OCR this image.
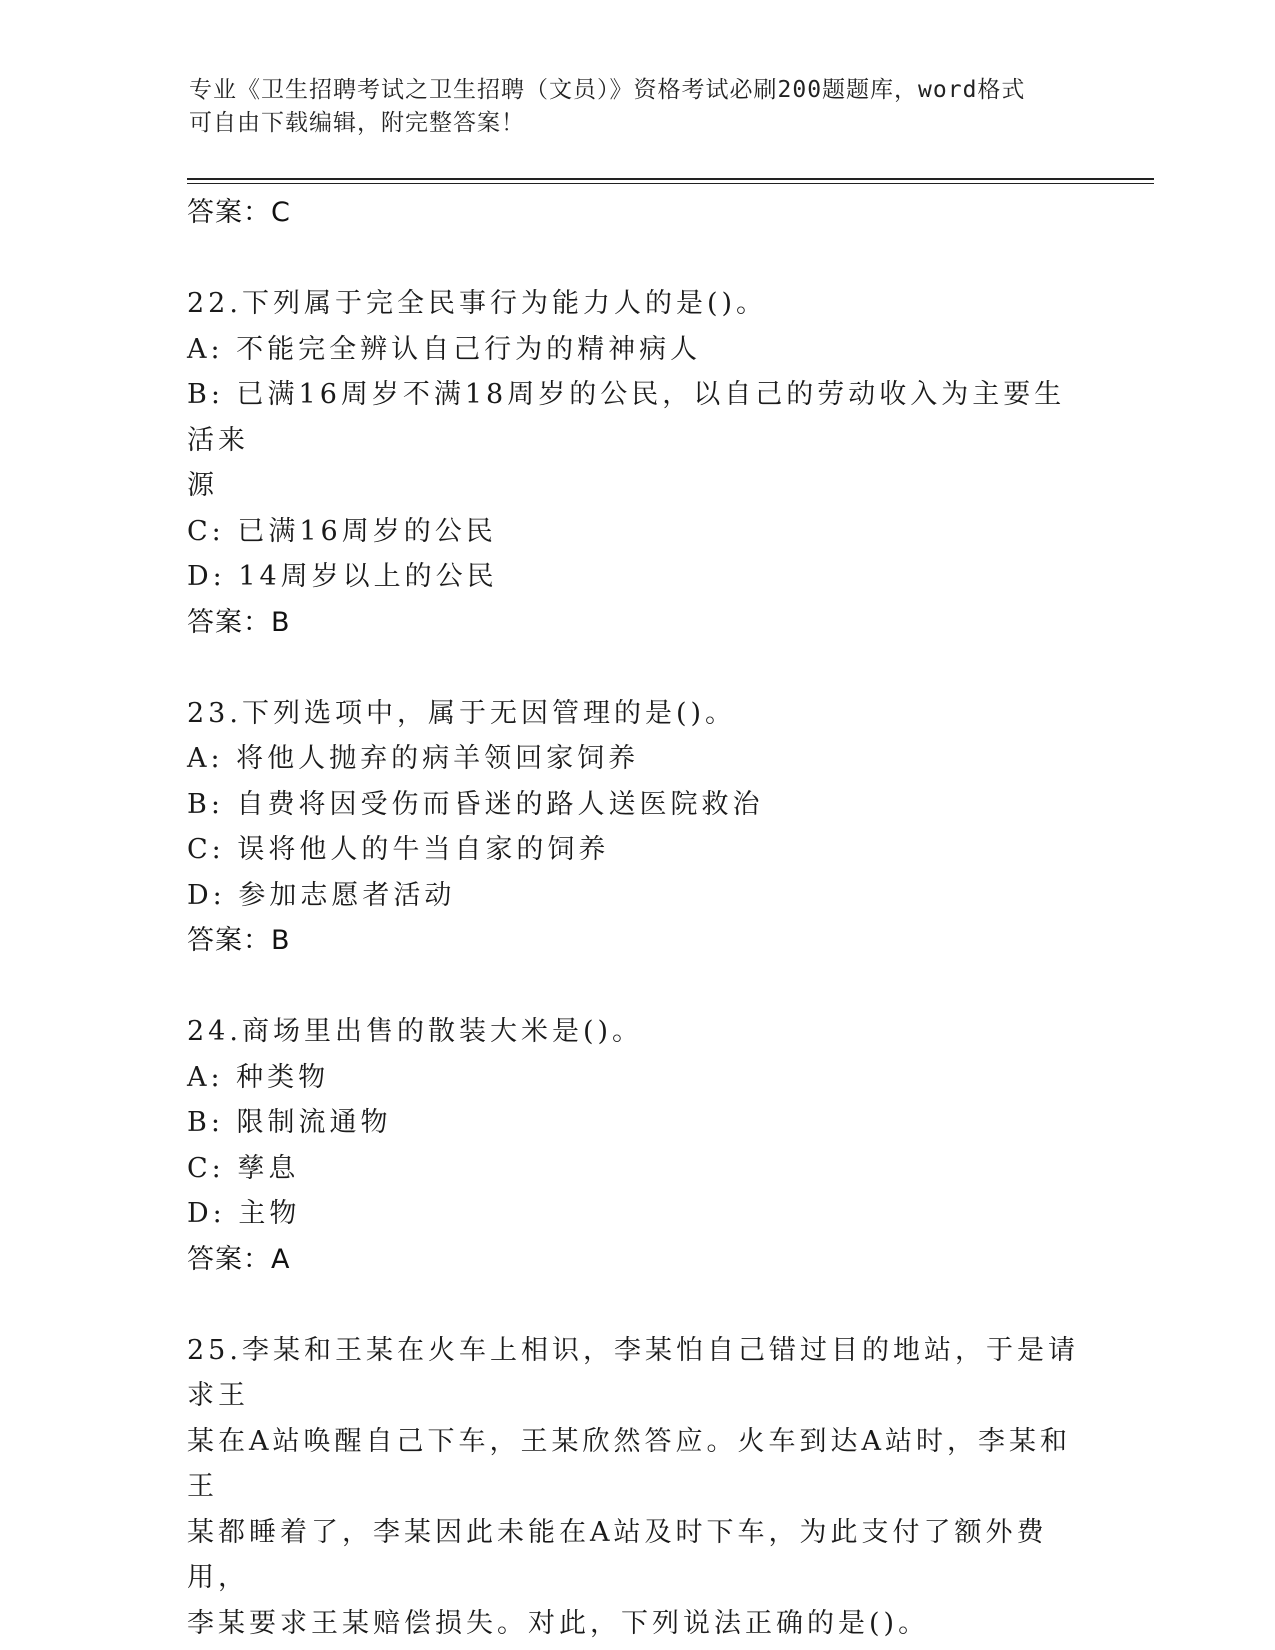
专业《卫生招聘考试之卫生招聘（文员）》资格考试必刷200题题库，word格式
可自由下载编辑，附完整答案！
答案：C
22.下列属于完全民事行为能力人的是()。
A: 不能完全辨认自己行为的精神病人
B: 已满16周岁不满18周岁的公民，以自己的劳动收入为主要生活来
源
C: 已满16周岁的公民
D: 14周岁以上的公民
答案：B
23.下列选项中，属于无因管理的是()。
A: 将他人抛弃的病羊领回家饲养
B: 自费将因受伤而昏迷的路人送医院救治
C: 误将他人的牛当自家的饲养
D: 参加志愿者活动
答案：B
24.商场里出售的散装大米是()。
A: 种类物
B: 限制流通物
C: 孳息
D: 主物
答案：A
25.李某和王某在火车上相识，李某怕自己错过目的地站，于是请求王
某在A站唤醒自己下车，王某欣然答应。火车到达A站时，李某和王
某都睡着了，李某因此未能在A站及时下车，为此支付了额外费用，
李某要求王某赔偿损失。对此，下列说法正确的是()。
